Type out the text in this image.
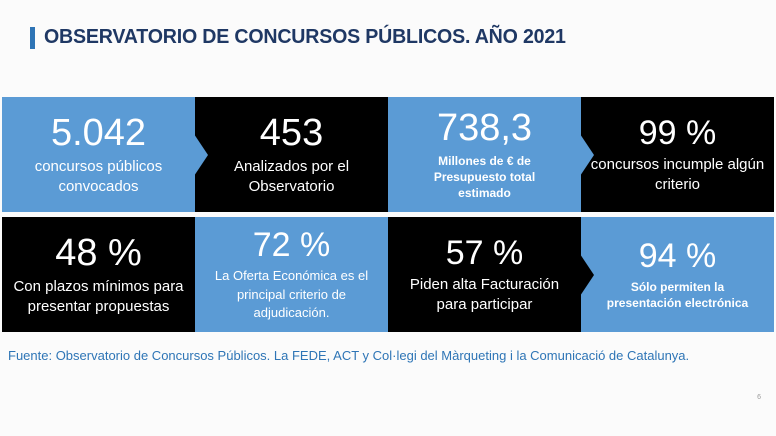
OBSERVATORIO DE CONCURSOS PÚBLICOS. AÑO 2021
5.042
concursos públicos convocados
453
Analizados por el Observatorio
738,3
Millones de € de Presupuesto total estimado
99 %
concursos incumple algún criterio
48 %
Con plazos mínimos para presentar propuestas
72 %
La Oferta Económica es el principal criterio de adjudicación.
57 %
Piden alta Facturación para participar
94 %
Sólo permiten la presentación electrónica
Fuente: Observatorio de Concursos Públicos. La FEDE, ACT y Col·legi del Màrqueting i la Comunicació de Catalunya.
6
